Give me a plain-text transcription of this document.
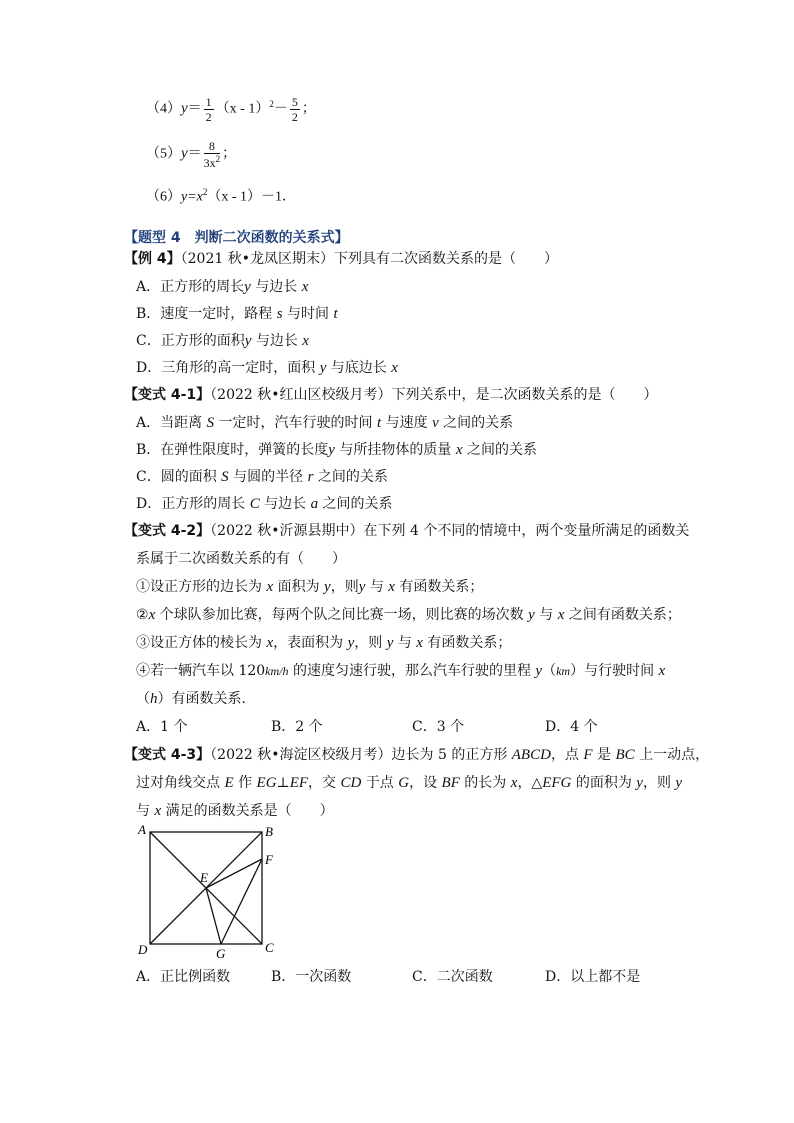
$(4)y= \frac{1}{2} (x - 1)^2- \frac{5}{2}$ ；
$(5)y= \frac{8}{3x^2}$ ；
$(6)y=x^2(x - 1)-1$．
【题型 4　判断二次函数的关系式】
【例 4】（2021 秋•龙凤区期末）下列具有二次函数关系的是（　　）
A．正方形的周长y 与边长 x
B．速度一定时，路程 s 与时间 t
C．正方形的面积y 与边长 x
D．三角形的高一定时，面积 y 与底边长 x
【变式 4-1】（2022 秋•红山区校级月考）下列关系中，是二次函数关系的是（　　）
A．当距离 S 一定时，汽车行驶的时间 t 与速度 v 之间的关系
B．在弹性限度时，弹簧的长度y 与所挂物体的质量 x 之间的关系
C．圆的面积 S 与圆的半径 r 之间的关系
D．正方形的周长 C 与边长 a 之间的关系
【变式 4-2】（2022 秋•沂源县期中）在下列 4 个不同的情境中，两个变量所满足的函数关
系属于二次函数关系的有（　　）
①设正方形的边长为 x 面积为 y，则y 与 x 有函数关系；
②x 个球队参加比赛，每两个队之间比赛一场，则比赛的场次数 y 与 x 之间有函数关系；
③设正方体的棱长为 x，表面积为 y，则 y 与 x 有函数关系；
④若一辆汽车以 120km/h 的速度匀速行驶，那么汽车行驶的里程 y（km）与行驶时间 x
（h）有函数关系．
A．1 个	B．2 个	C．3 个	D．4 个
【变式 4-3】（2022 秋•海淀区校级月考）边长为 5 的正方形 ABCD，点 F 是 BC 上一动点，
过对角线交点 E 作 EG⊥EF，交 CD 于点 G，设 BF 的长为 x，△EFG 的面积为 y，则 y
与 x 满足的函数关系是（　　）
A	B
C
D
E
F
G
A．正比例函数	B．一次函数	C．二次函数	D．以上都不是
